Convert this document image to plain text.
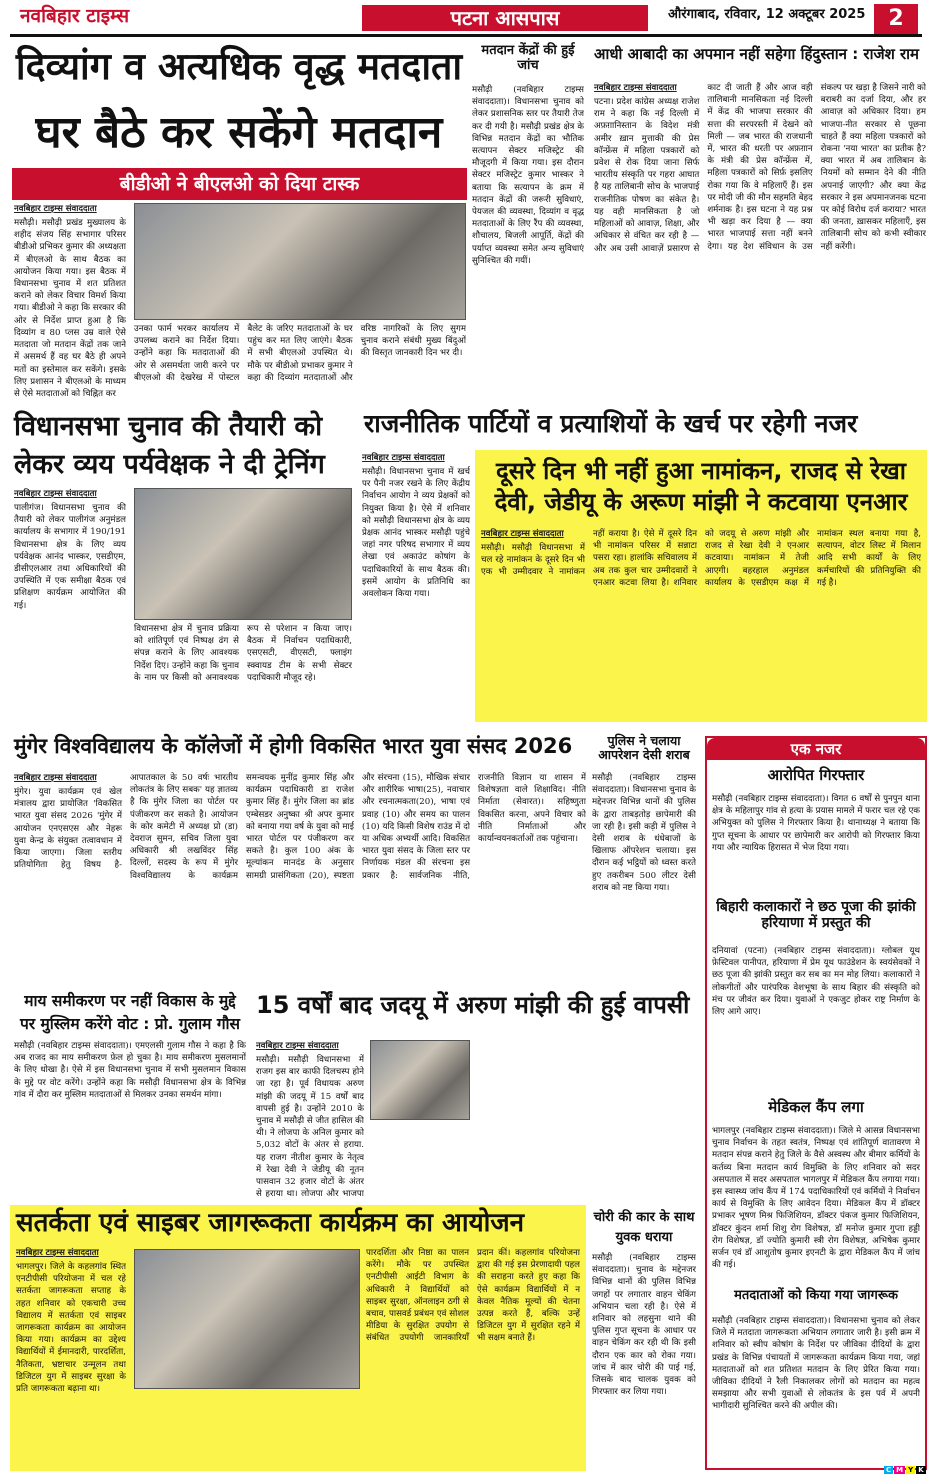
नवबिहार टाइम्स	पटना आसपास	औरंगाबाद, रविवार, 12 अक्टूबर 2025	2
दिव्यांग व अत्यधिक वृद्ध मतदाता
घर बैठे कर सकेंगे मतदान
बीडीओ ने बीएलओ को दिया टास्क
नवबिहार टाइम्स संवाददाता
मसौढ़ी। मसौढ़ी प्रखंड मुख्यालय के शहीद संजय सिंह सभागार परिसर बीडीओ प्रभिकर कुमार की अध्यक्षता में बीएलओ के साथ बैठक का आयोजन किया गया। इस बैठक में विधानसभा चुनाव में शत प्रतिशत कराने को लेकर विचार विमर्श किया गया। बीडीओ ने कहा कि सरकार की ओर से निर्देश प्राप्त हुआ है कि दिव्यांग व 80 प्लस उम्र वाले ऐसे मतदाता जो मतदान केंद्रों तक जाने में असमर्थ हैं वह घर बैठे ही अपने मतों का इस्तेमाल कर सकेंगे। इसके लिए प्रशासन ने बीएलओ के माध्यम से ऐसे मतदाताओं को चिह्नित कर
उनका फार्म भरकर कार्यालय में उपलब्ध कराने का निर्देश दिया। उन्होंने कहा कि मतदाताओं की ओर से असमर्थता जारी करने पर बीएलओ की देखरेख में पोस्टल बैलेट के जरिए मतदाताओं के घर पहुंच कर मत लिए जाएंगे। बैठक में सभी बीएलओ उपस्थित थे। मौके पर बीडीओ प्रभाकर कुमार ने कहा की दिव्यांग मतदाताओं और वरिष्ठ नागरिकों के लिए सुगम चुनाव कराने संबंधी मुख्य बिंदुओं की विस्तृत जानकारी दिन भर दी।
मतदान केंद्रों की हुई जांच
मसौढ़ी (नवबिहार टाइम्स संवाददाता)। विधानसभा चुनाव को लेकर प्रशासनिक स्तर पर तैयारी तेज कर दी गयी है। मसौढ़ी प्रखंड क्षेत्र के विभिन्न मतदान केंद्रों का भौतिक सत्यापन सेक्टर मजिस्ट्रेट की मौजूदगी में किया गया। इस दौरान सेक्टर मजिस्ट्रेट कुमार भास्कर ने बताया कि सत्यापन के क्रम में मतदान केंद्रों की जरूरी सुविधाएं, पेयजल की व्यवस्था, दिव्यांग व वृद्ध मतदाताओं के लिए रैंप की व्यवस्था, शौचालय, बिजली आपूर्ति, केंद्रों की पर्याप्त व्यवस्था समेत अन्य सुविधाएं सुनिश्चित की गयीं।
आधी आबादी का अपमान नहीं सहेगा हिंदुस्तान : राजेश राम
नवबिहार टाइम्स संवाददाता
पटना। प्रदेश कांग्रेस अध्यक्ष राजेश राम ने कहा कि नई दिल्ली में अफ़ग़ानिस्तान के विदेश मंत्री अमीर ख़ान मुत्ताकी की प्रेस कॉन्फ्रेंस में महिला पत्रकारों को प्रवेश से रोक दिया जाना सिर्फ भारतीय संस्कृति पर गहरा आघात है यह तालिबानी सोच के भाजपाई राजनीतिक पोषण का संकेत है। यह वही मानसिकता है जो महिलाओं को आवाज़, शिक्षा, और अधिकार से वंचित कर रही है — और अब उसी आवाज़ें प्रसारण से काट दी जाती हैं और आज वही तालिबानी मानसिकता नई दिल्ली में केंद्र की भाजपा सरकार की सत्ता की सरपरस्ती में देखने को मिली — जब भारत की राजधानी में, भारत की धरती पर अफ़ग़ान के मंत्री की प्रेस कॉन्फ्रेंस में, महिला पत्रकारों को सिर्फ़ इसलिए रोका गया कि वे महिलाएँ हैं। इस पर मोदी जी की मौन सहमति बेहद शर्मनाक है। इस घटना ने यह प्रश्न भी खड़ा कर दिया है — क्या भारत भाजपाई सत्ता नहीं बनने देगा। यह देश संविधान के उस संकल्प पर खड़ा है जिसने नारी को बराबरी का दर्जा दिया, और हर आवाज़ को अधिकार दिया। हम भाजपा-नीत सरकार से पूछना चाहते हैं क्या महिला पत्रकारों को रोकना 'नया भारत' का प्रतीक है? क्या भारत में अब तालिबान के नियमों को सम्मान देने की नीति अपनाई जाएगी? और क्या केंद्र सरकार ने इस अपमानजनक घटना पर कोई विरोध दर्ज कराया? भारत की जनता, ख़ासकर महिलाएँ, इस तालिबानी सोच को कभी स्वीकार नहीं करेंगी।
विधानसभा चुनाव की तैयारी को लेकर व्यय पर्यवेक्षक ने दी ट्रेनिंग
नवबिहार टाइम्स संवाददाता
पालीगंज। विधानसभा चुनाव की तैयारी को लेकर पालीगंज अनुमंडल कार्यालय के सभागार में 190/191 विधानसभा क्षेत्र के लिए व्यय पर्यवेक्षक आनंद भास्कर, एसडीएम, डीसीएलआर तथा अधिकारियों की उपस्थिति में एक समीक्षा बैठक एवं प्रशिक्षण कार्यक्रम आयोजित की गई।
विधानसभा क्षेत्र में चुनाव प्रक्रिया को शांतिपूर्ण एवं निष्पक्ष ढंग से संपन्न कराने के लिए आवश्यक निर्देश दिए। उन्होंने कहा कि चुनाव के नाम पर किसी को अनावश्यक रूप से परेशान न किया जाए। बैठक में निर्वाचन पदाधिकारी, एसएसटी, वीएसटी, फ्लाइंग स्क्वायड टीम के सभी सेक्टर पदाधिकारी मौजूद रहे।
राजनीतिक पार्टियों व प्रत्याशियों के खर्च पर रहेगी नजर
नवबिहार टाइम्स संवाददाता
मसौढ़ी। विधानसभा चुनाव में खर्च पर पैनी नजर रखने के लिए केंद्रीय निर्वाचन आयोग ने व्यय प्रेक्षकों को नियुक्त किया है। ऐसे में शनिवार को मसौढ़ी विधानसभा क्षेत्र के व्यय प्रेक्षक आनंद भास्कर मसौढ़ी पहुंचे जहां नगर परिषद सभागार में व्यय लेखा एवं अकाउंट कोषांग के पदाधिकारियों के साथ बैठक की। इसमें आयोग के प्रतिनिधि का अवलोकन किया गया।
दूसरे दिन भी नहीं हुआ नामांकन, राजद से रेखा देवी, जेडीयू के अरूण मांझी ने कटवाया एनआर
नवबिहार टाइम्स संवाददाता
मसौढ़ी। मसौढ़ी विधानसभा में चल रहे नामांकन के दूसरे दिन भी एक भी उम्मीदवार ने नामांकन नहीं कराया है। ऐसे में दूसरे दिन भी नामांकन परिसर में सन्नाटा पसरा रहा। हालांकि सचिवालय में अब तक कुल चार उम्मीदवारों ने एनआर कटवा लिया है। शनिवार को जदयू से अरुण मांझी और राजद से रेखा देवी ने एनआर कटवाया। नामांकन में तेजी आएगी। बहरहाल अनुमंडल कार्यालय के एसडीएम कक्ष में नामांकन स्थल बनाया गया है, सत्यापन, वोटर लिस्ट में मिलान आदि सभी कार्यों के लिए कर्मचारियों की प्रतिनियुक्ति की गई है।
मुंगेर विश्वविद्यालय के कॉलेजों में होगी विकसित भारत युवा संसद 2026
नवबिहार टाइम्स संवाददाता
मुंगेर। युवा कार्यक्रम एवं खेल मंत्रालय द्वारा प्रायोजित 'विकसित भारत युवा संसद 2026 'मुंगेर में आयोजन एनएसएस और नेहरू युवा केन्द्र के संयुक्त तत्वावधान में किया जाएगा। जिला स्तरीय प्रतियोगिता हेतु विषय है- आपातकाल के 50 वर्षः भारतीय लोकतंत्र के लिए सबक' यह ज्ञातव्य है कि मुंगेर जिला का पोर्टल पर पंजीकरण कर सकते है। आयोजन के कोर कमेटी में अध्यक्ष प्रो (डा) देवराज सुमन, सचिव जिला युवा अधिकारी श्री लखविंदर सिंह दिल्लों, सदस्य के रूप में मुंगेर विश्वविद्यालय के कार्यक्रम समन्वयक मुनींद्र कुमार सिंह और कार्यक्रम पदाधिकारी डा राजेश कुमार सिंह हैं। मुंगेर जिला का ब्रांड एम्बेसडर अनुष्का श्री अपर कुमार को बनाया गया वर्ष के युवा को माई भारत पोर्टल पर पंजीकरण कर सकते है। कुल 100 अंक के मूल्यांकन मानदंड के अनुसार सामग्री प्रासंगिकता (20), स्पष्टता और संरचना (15), मौखिक संचार और शारीरिक भाषा(25), नवाचार और रचनात्मकता(20), भाषा एवं प्रवाह (10) और समय का पालन (10) यदि किसी विशेष राउंड में दो या अधिक अभ्यर्थी आदि। विकसित भारत युवा संसद के जिला स्तर पर निर्णायक मंडल की संरचना इस प्रकार है: सार्वजनिक नीति, राजनीति विज्ञान या शासन में विशेषज्ञता वाले शिक्षाविद। नीति निर्माता (सेवारत)। सहिष्णुता विकसित करना, अपने विचार को नीति निर्माताओं और कार्यान्वयनकर्ताओं तक पहुंचाना।
पुलिस ने चलाया आपरेशन देसी शराब
मसौढ़ी (नवबिहार टाइम्स संवाददाता)। विधानसभा चुनाव के मद्देनजर विभिन्न थानों की पुलिस के द्वारा ताबड़तोड़ छापेमारी की जा रही है। इसी कड़ी में पुलिस ने देसी शराब के धंधेबाजों के खिलाफ ऑपरेशन चलाया। इस दौरान कई भट्ठियों को ध्वस्त करते हुए तकरीबन 500 लीटर देसी शराब को नष्ट किया गया।
एक नजर
आरोपित गिरफ्तार
मसौढ़ी (नवबिहार टाइम्स संवाददाता)। विगत 6 वर्षों से पुनपुन थाना क्षेत्र के महिलापुर गांव से हत्या के प्रयास मामले में फरार चल रहे एक अभियुक्त को पुलिस ने गिरफ्तार किया है। थानाध्यक्ष ने बताया कि गुप्त सूचना के आधार पर छापेमारी कर आरोपी को गिरफ्तार किया गया और न्यायिक हिरासत में भेज दिया गया।
बिहारी कलाकारों ने छठ पूजा की झांकी हरियाणा में प्रस्तुत की
दनियावां (पटना) (नवबिहार टाइम्स संवाददाता)। ग्लोबल यूथ फ़ेस्टिवल पानीपत, हरियाणा में प्रेम यूथ फाउंडेशन के स्वयंसेवकों ने छठ पूजा की झांकी प्रस्तुत कर सब का मन मोह लिया। कलाकारों ने लोकगीतों और पारंपरिक वेशभूषा के साथ बिहार की संस्कृति को मंच पर जीवंत कर दिया। युवाओं ने एकजुट होकर राष्ट्र निर्माण के लिए आगे आए।
मेडिकल कैंप लगा
भागलपुर (नवबिहार टाइम्स संवाददाता)। जिले मे आसन्न विधानसभा चुनाव निर्वाचन के तहत स्वतंत्र, निष्पक्ष एवं शांतिपूर्ण वातावरण मे मतदान संपन्न कराने हेतु जिले के वैसे अस्वस्थ और बीमार कर्मियों के कर्तव्य बिना मतदान कार्य विमुक्ति के लिए शनिवार को सदर असपताल में सदर असपताल भागलपुर में मेडिकल कैंप लगाया गया। इस स्वास्थ्य जांच कैंप में 174 पदाधिकारियों एवं कर्मियों ने निर्वाचन कार्य से विमुक्ति के लिए आवेदन दिया। मेडिकल कैंप में डॉक्टर प्रभाकर भूषण मिश्र फिजिशियन, डॉक्टर पंकज कुमार फिजिशियन, डॉक्टर कुंदन शर्मा शिशु रोग विशेषज्ञ, डॉ मनोज कुमार गुप्ता हड्डी रोग विशेषज्ञ, डॉ ज्योति कुमारी स्त्री रोग विशेषज्ञ, अभिषेक कुमार सर्जन एवं डॉ आशुतोष कुमार इएनटी के द्वारा मेडिकल कैंप में जांच की गई।
मतदाताओं को किया गया जागरूक
मसौढ़ी (नवबिहार टाइम्स संवाददाता)। विधानसभा चुनाव को लेकर जिले में मतदाता जागरूकता अभियान लगातार जारी है। इसी क्रम में शनिवार को स्वीप कोषांग के निर्देश पर जीविका दीदियों के द्वारा प्रखंड के विभिन्न पंचायतों में जागरूकता कार्यक्रम किया गया, जहां मतदाताओं को शत प्रतिशत मतदान के लिए प्रेरित किया गया। जीविका दीदियों ने रैली निकालकर लोगों को मतदान का महत्व समझाया और सभी युवाओं से लोकतंत्र के इस पर्व में अपनी भागीदारी सुनिश्चित करने की अपील की।
माय समीकरण पर नहीं विकास के मुद्दे पर मुस्लिम करेंगे वोट : प्रो. गुलाम गौस
मसौढ़ी (नवबिहार टाइम्स संवाददाता)। एमएलसी गुलाम गौस ने कहा है कि अब राजद का माय समीकरण फ़ेल हो चुका है। माय समीकरण मुसलमानों के लिए धोखा है। ऐसे में इस विधानसभा चुनाव में सभी मुसलमान विकास के मुद्दे पर वोट करेंगे। उन्होंने कहा कि मसौढ़ी विधानसभा क्षेत्र के विभिन्न गांव में दौरा कर मुस्लिम मतदाताओं से मिलकर उनका समर्थन मांगा।
15 वर्षों बाद जदयू में अरुण मांझी की हुई वापसी
नवबिहार टाइम्स संवाददाता
मसौढ़ी। मसौढ़ी विधानसभा में राजग इस बार काफी दिलचस्प होने जा रहा है। पूर्व विधायक अरुण मांझी की जदयू में 15 वर्षों बाद वापसी हुई है। उन्होंने 2010 के चुनाव में मसौढ़ी से जीत हासिल की थी। ने लोजपा के अनिल कुमार को 5,032 वोटों के अंतर से हराया. यह राजग नीतीश कुमार के नेतृत्व में रेखा देवी ने जेडीयू की नूतन पासवान 32 हजार वोटों के अंतर से हराया था। लोजपा और भाजपा
सतर्कता एवं साइबर जागरूकता कार्यक्रम का आयोजन
नवबिहार टाइम्स संवाददाता
भागलपुर। जिले के कहलगांव स्थित एनटीपीसी परियोजना में चल रहे सतर्कता जागरूकता सप्ताह के तहत शनिवार को एकचारी उच्च विद्यालय में सतर्कता एवं साइबर जागरूकता कार्यक्रम का आयोजन किया गया। कार्यक्रम का उद्देश्य विद्यार्थियों में ईमानदारी, पारदर्शिता, नैतिकता, भ्रष्टाचार उन्मूलन तथा डिजिटल युग में साइबर सुरक्षा के प्रति जागरूकता बढ़ाना था।
पारदर्शिता और निष्ठा का पालन करेंगे। मौके पर उपस्थित एनटीपीसी आईटी विभाग के अधिकारी ने विद्यार्थियों को साइबर सुरक्षा, ऑनलाइन ठगी से बचाव, पासवर्ड प्रबंधन एवं सोशल मीडिया के सुरक्षित उपयोग से संबंधित उपयोगी जानकारियाँ प्रदान कीं। कहलगांव परियोजना द्वारा की गई इस प्रेरणादायी पहल की सराहना करते हुए कहा कि ऐसे कार्यक्रम विद्यार्थियों में न केवल नैतिक मूल्यों की चेतना उत्पन्न करते हैं, बल्कि उन्हें डिजिटल युग में सुरक्षित रहने में भी सक्षम बनाते हैं।
चोरी की कार के साथ युवक धराया
मसौढ़ी (नवबिहार टाइम्स संवाददाता)। चुनाव के मद्देनजर विभिन्न थानों की पुलिस विभिन्न जगहों पर लगातार वाहन चेकिंग अभियान चला रही है। ऐसे में शनिवार को लहसुना थाने की पुलिस गुप्त सूचना के आधार पर वाहन चेकिंग कर रही थी कि इसी दौरान एक कार को रोका गया। जांच में कार चोरी की पाई गई, जिसके बाद चालक युवक को गिरफ्तार कर लिया गया।
C M Y K
